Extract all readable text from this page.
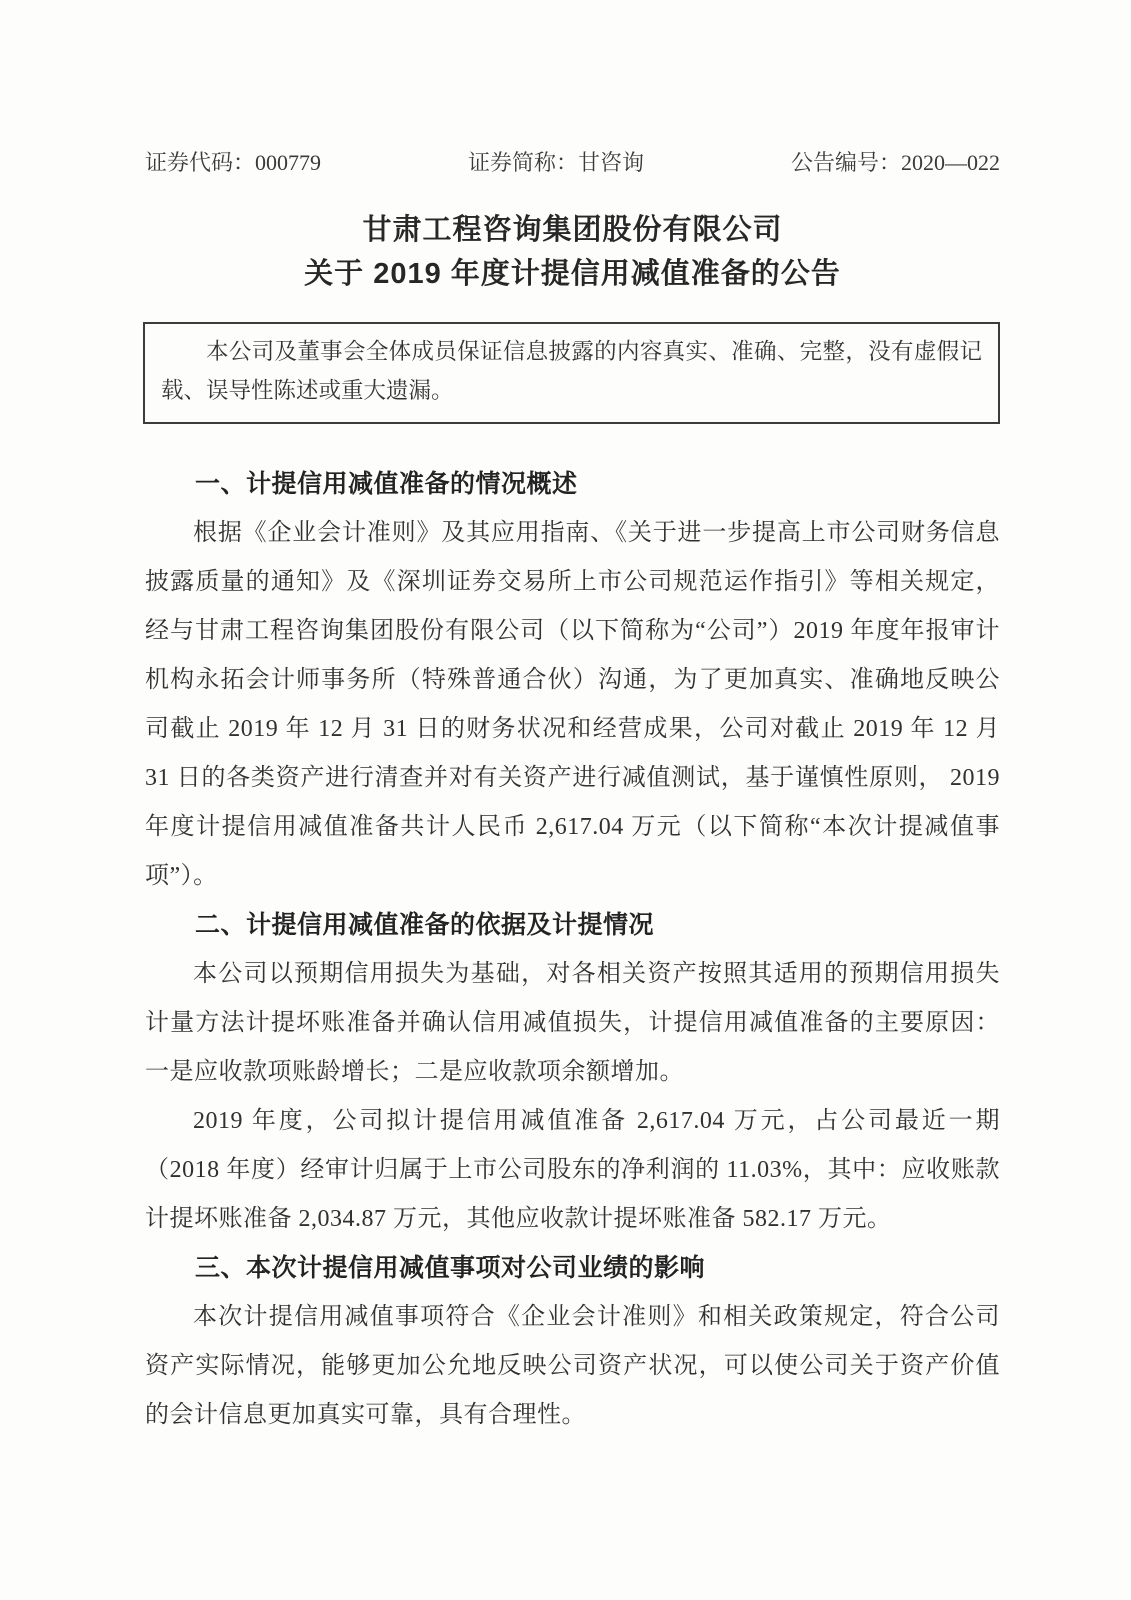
证券代码：000779	证券简称：甘咨询	公告编号：2020—022
甘肃工程咨询集团股份有限公司
关于 2019 年度计提信用减值准备的公告

本公司及董事会全体成员保证信息披露的内容真实、准确、完整，没有虚假记载、误导性陈述或重大遗漏。

一、计提信用减值准备的情况概述

根据《企业会计准则》及其应用指南、《关于进一步提高上市公司财务信息披露质量的通知》及《深圳证券交易所上市公司规范运作指引》等相关规定，经与甘肃工程咨询集团股份有限公司（以下简称为“公司”）2019 年度年报审计机构永拓会计师事务所（特殊普通合伙）沟通，为了更加真实、准确地反映公司截止 2019 年 12 月 31 日的财务状况和经营成果，公司对截止 2019 年 12 月 31 日的各类资产进行清查并对有关资产进行减值测试，基于谨慎性原则， 2019 年度计提信用减值准备共计人民币 2,617.04 万元（以下简称“本次计提减值事项”）。

二、计提信用减值准备的依据及计提情况

本公司以预期信用损失为基础，对各相关资产按照其适用的预期信用损失计量方法计提坏账准备并确认信用减值损失，计提信用减值准备的主要原因：一是应收款项账龄增长；二是应收款项余额增加。

2019 年度，公司拟计提信用减值准备 2,617.04 万元，占公司最近一期（2018 年度）经审计归属于上市公司股东的净利润的 11.03%，其中：应收账款计提坏账准备 2,034.87 万元，其他应收款计提坏账准备 582.17 万元。

三、本次计提信用减值事项对公司业绩的影响

本次计提信用减值事项符合《企业会计准则》和相关政策规定，符合公司资产实际情况，能够更加公允地反映公司资产状况，可以使公司关于资产价值的会计信息更加真实可靠，具有合理性。
